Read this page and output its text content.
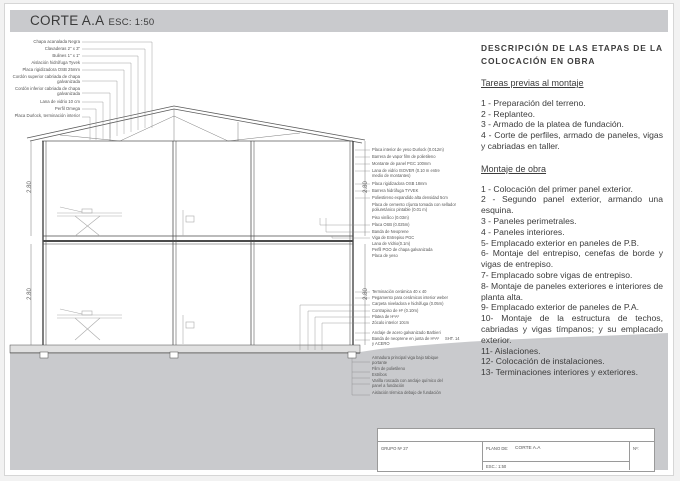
CORTE A.A ESC: 1:50
2.80
2.80
2.80
2.80
Chapa acanalada Negra
Clavaderas 2" x 3"
Bulines 1" x 1"
Aislación hidrófuga Tyvek
Placa rigidizadora OSB 25mm
Cordón superior cabriada de chapa galvanizada
Cordón inferior cabriada de chapa galvanizada
Lana de vidrio 10 cm
Perfil Omega
Placa Durlock, terminación interior
Placa interior de yeso Durlock (0.012m)
Barrera de vapor film de polietileno
Montante de panel PGC 100mm
Lana de vidrio ISOVER (0.10 m entre medio de montantes)
Placa rigidizadora OSB 18mm
Barrera hidrófuga TYVEK
Poliestireno expandido alta densidad 5cm
Placa de cemento c/junta tomada con sellador poliuretánico pintable (0.01 m)
Piso vinílico (0.03m)
Placa OSB (0.025m)
Banda de Neoprene
Viga de Entrepiso PGC
Lana de Vidrio(0.1m)
Perfil PGO de chapa galvanizada
Placa de yeso
Terminación cerámica 40 x 40
Pegamento para cerámicos interior weber
Carpeta niveladora e hidrófuga (0.05m)
Contrapiso de Hº (0.10m)
Platea de HºAº
Zócalo interior 10cm
Anclaje de acero galvanizado Barbieri
Banda de neoprene en junta de HºAº y ACERO
SHT. 14
Armadura principal viga bajo tabique portante
Film de polietileno
Estribos
Varilla roscada con anclaje químico del panel a fundación
Aislación térmica debajo de fundación
DESCRIPCIÓN DE LAS ETAPAS DE LA COLOCACIÓN EN OBRA
Tareas previas al montaje
1 - Preparación del terreno.
2 - Replanteo.
3 - Armado de la platea de fundación.
4 - Corte de perfiles, armado de paneles, vigas y cabriadas en taller.
Montaje de obra
1 - Colocación del primer panel exterior.
2 - Segundo panel exterior, armando una esquina.
3 - Paneles perimetrales.
4 - Paneles interiores.
5- Emplacado exterior en paneles de P.B.
6- Montaje del entrepiso, cenefas de borde y vigas de entrepiso.
7- Emplacado sobre vigas de entrepiso.
8- Montaje de paneles exteriores e interiores de planta alta.
9- Emplacado exterior de paneles de P.A.
10- Montaje de la estructura de techos, cabriadas y vigas tímpanos; y su emplacado exterior.
11- Aislaciones.
12- Colocación de instalaciones.
13- Terminaciones interiores y exteriores.
GRUPO Nº 27	PLANO DE: CORTE A.A
ESC.: 1:50
Nº:
